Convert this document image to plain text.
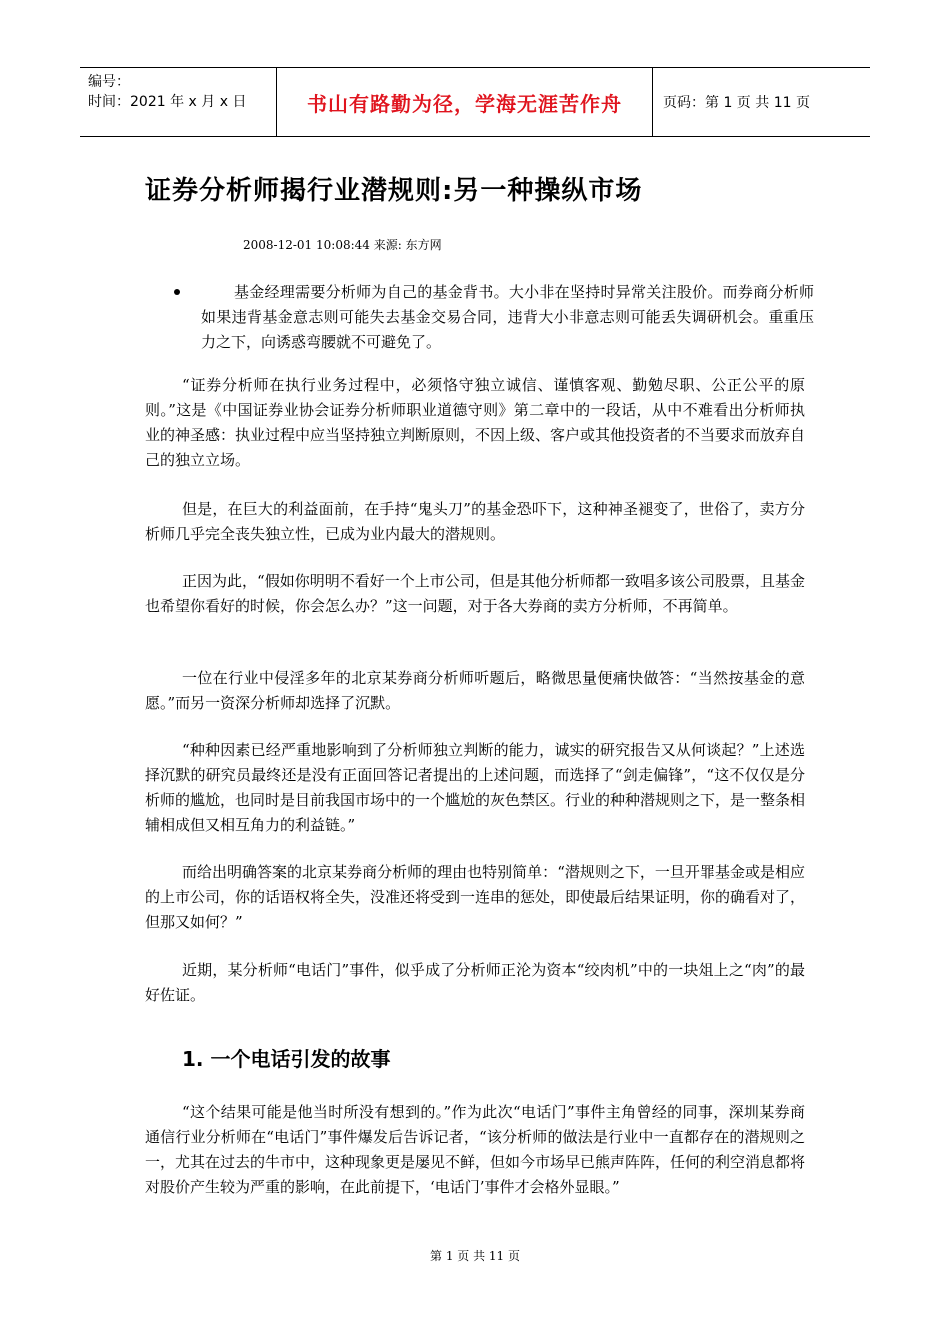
编号：
时间：2021 年 x 月 x 日	书山有路勤为径，学海无涯苦作舟	页码：第 1 页 共 11 页
证券分析师揭行业潜规则:另一种操纵市场
2008-12-01 10:08:44 来源: 东方网
基金经理需要分析师为自己的基金背书。大小非在坚持时异常关注股价。而券商分析师如果违背基金意志则可能失去基金交易合同，违背大小非意志则可能丢失调研机会。重重压力之下，向诱惑弯腰就不可避免了。
“证券分析师在执行业务过程中，必须恪守独立诚信、谨慎客观、勤勉尽职、公正公平的原则。”这是《中国证券业协会证券分析师职业道德守则》第二章中的一段话，从中不难看出分析师执业的神圣感：执业过程中应当坚持独立判断原则，不因上级、客户或其他投资者的不当要求而放弃自己的独立立场。
但是，在巨大的利益面前，在手持“鬼头刀”的基金恐吓下，这种神圣褪变了，世俗了，卖方分析师几乎完全丧失独立性，已成为业内最大的潜规则。
正因为此，“假如你明明不看好一个上市公司，但是其他分析师都一致唱多该公司股票，且基金也希望你看好的时候，你会怎么办？”这一问题，对于各大券商的卖方分析师，不再简单。
一位在行业中侵淫多年的北京某券商分析师听题后，略微思量便痛快做答：“当然按基金的意愿。”而另一资深分析师却选择了沉默。
“种种因素已经严重地影响到了分析师独立判断的能力，诚实的研究报告又从何谈起？”上述选择沉默的研究员最终还是没有正面回答记者提出的上述问题，而选择了“剑走偏锋”，“这不仅仅是分析师的尴尬，也同时是目前我国市场中的一个尴尬的灰色禁区。行业的种种潜规则之下，是一整条相辅相成但又相互角力的利益链。”
而给出明确答案的北京某券商分析师的理由也特别简单：“潜规则之下，一旦开罪基金或是相应的上市公司，你的话语权将全失，没准还将受到一连串的惩处，即使最后结果证明，你的确看对了，但那又如何？”
近期，某分析师“电话门”事件，似乎成了分析师正沦为资本“绞肉机”中的一块俎上之“肉”的最好佐证。
1. 一个电话引发的故事
“这个结果可能是他当时所没有想到的。”作为此次“电话门”事件主角曾经的同事，深圳某券商通信行业分析师在“电话门”事件爆发后告诉记者，“该分析师的做法是行业中一直都存在的潜规则之一，尤其在过去的牛市中，这种现象更是屡见不鲜，但如今市场早已熊声阵阵，任何的利空消息都将对股价产生较为严重的影响，在此前提下，‘电话门’事件才会格外显眼。”
第 1 页 共 11 页
